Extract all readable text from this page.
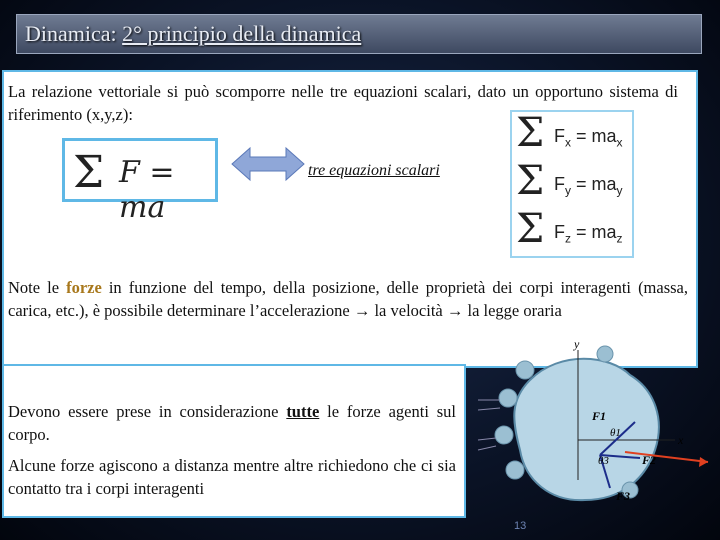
Dinamica: 2° principio della dinamica
La relazione vettoriale si può scomporre nelle tre equazioni scalari, dato un opportuno sistema di riferimento (x,y,z):
Σ F = ma
tre equazioni scalari
Σ $F_x = ma_x$
Σ $F_y = ma_y$
Σ $F_z = ma_z$
Note le forze in funzione del tempo, della posizione, delle proprietà dei corpi interagenti (massa, carica, etc.), è possibile determinare l’accelerazione → la velocità → la legge oraria
y
x
F1
F2
F3
θ1
θ3
Devono essere prese in considerazione tutte le forze agenti sul corpo.
Alcune forze agiscono a distanza mentre altre richiedono che ci sia contatto tra i corpi interagenti
13
